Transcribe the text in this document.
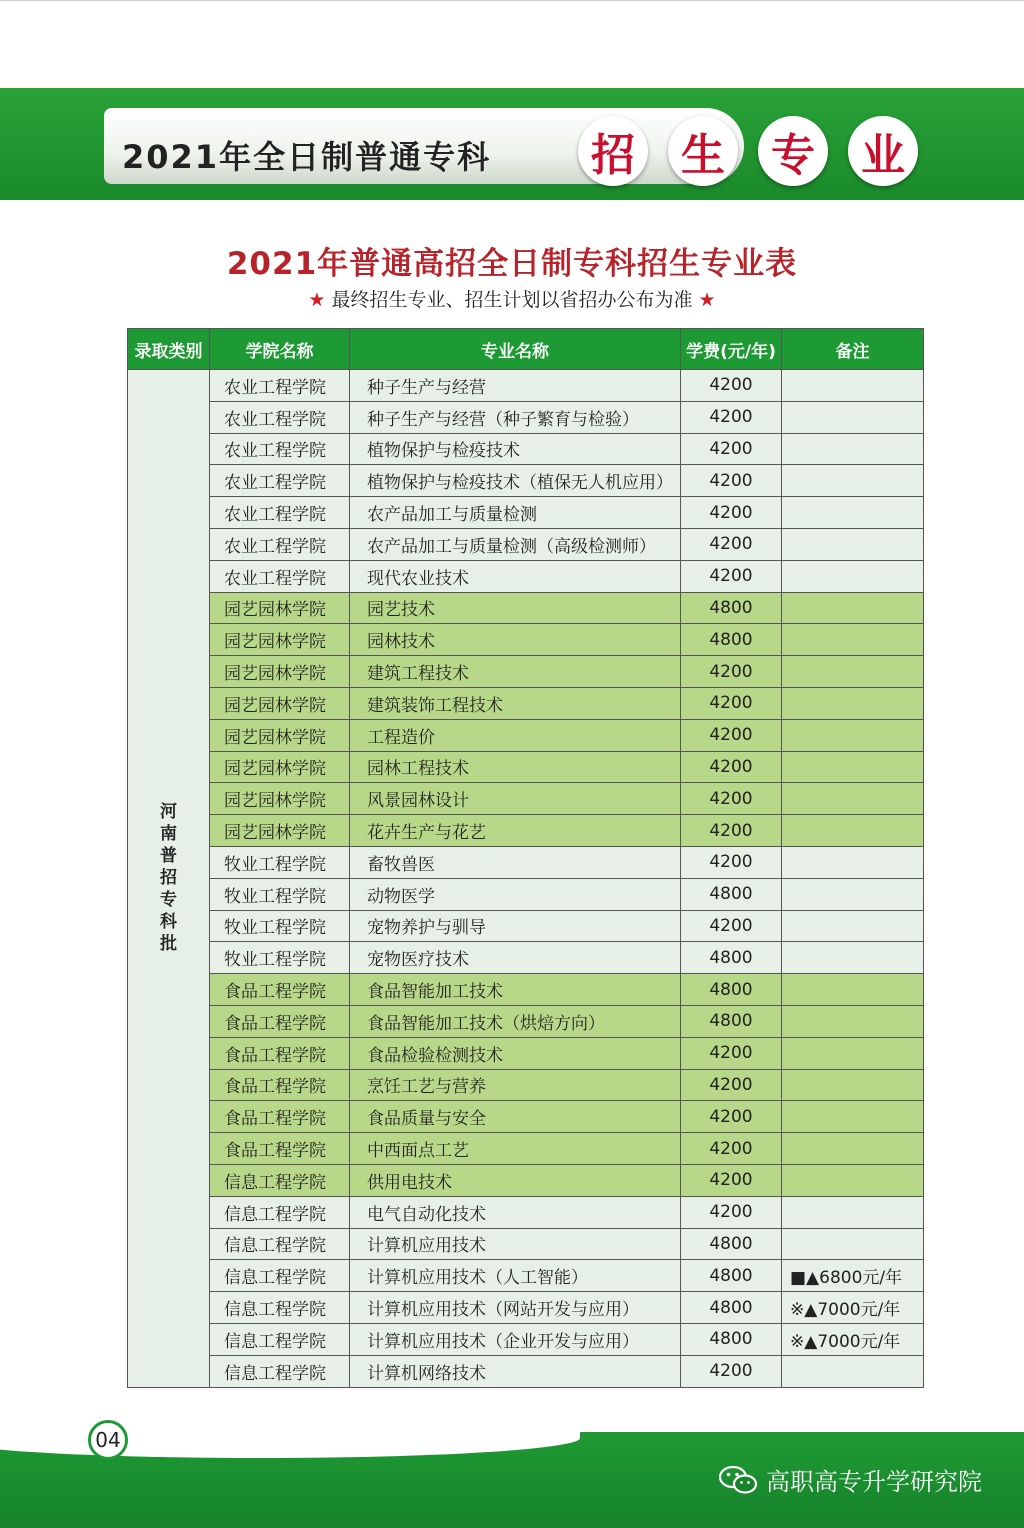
2021年全日制普通专科 招 生 专 业
2021年普通高招全日制专科招生专业表
★ 最终招生专业、招生计划以省招办公布为准 ★
录取类别	学院名称	专业名称	学费(元/年)	备注
河南普招专科批	农业工程学院	种子生产与经营	4200	
	农业工程学院	种子生产与经营（种子繁育与检验）	4200	
	农业工程学院	植物保护与检疫技术	4200	
	农业工程学院	植物保护与检疫技术（植保无人机应用）	4200	
	农业工程学院	农产品加工与质量检测	4200	
	农业工程学院	农产品加工与质量检测（高级检测师）	4200	
	农业工程学院	现代农业技术	4200	
	园艺园林学院	园艺技术	4800	
	园艺园林学院	园林技术	4800	
	园艺园林学院	建筑工程技术	4200	
	园艺园林学院	建筑装饰工程技术	4200	
	园艺园林学院	工程造价	4200	
	园艺园林学院	园林工程技术	4200	
	园艺园林学院	风景园林设计	4200	
	园艺园林学院	花卉生产与花艺	4200	
	牧业工程学院	畜牧兽医	4200	
	牧业工程学院	动物医学	4800	
	牧业工程学院	宠物养护与驯导	4200	
	牧业工程学院	宠物医疗技术	4800	
	食品工程学院	食品智能加工技术	4800	
	食品工程学院	食品智能加工技术（烘焙方向）	4800	
	食品工程学院	食品检验检测技术	4200	
	食品工程学院	烹饪工艺与营养	4200	
	食品工程学院	食品质量与安全	4200	
	食品工程学院	中西面点工艺	4200	
	信息工程学院	供用电技术	4200	
	信息工程学院	电气自动化技术	4200	
	信息工程学院	计算机应用技术	4800	
	信息工程学院	计算机应用技术（人工智能）	4800	■▲6800元/年
	信息工程学院	计算机应用技术（网站开发与应用）	4800	※▲7000元/年
	信息工程学院	计算机应用技术（企业开发与应用）	4800	※▲7000元/年
	信息工程学院	计算机网络技术	4200	
04
高职高专升学研究院
